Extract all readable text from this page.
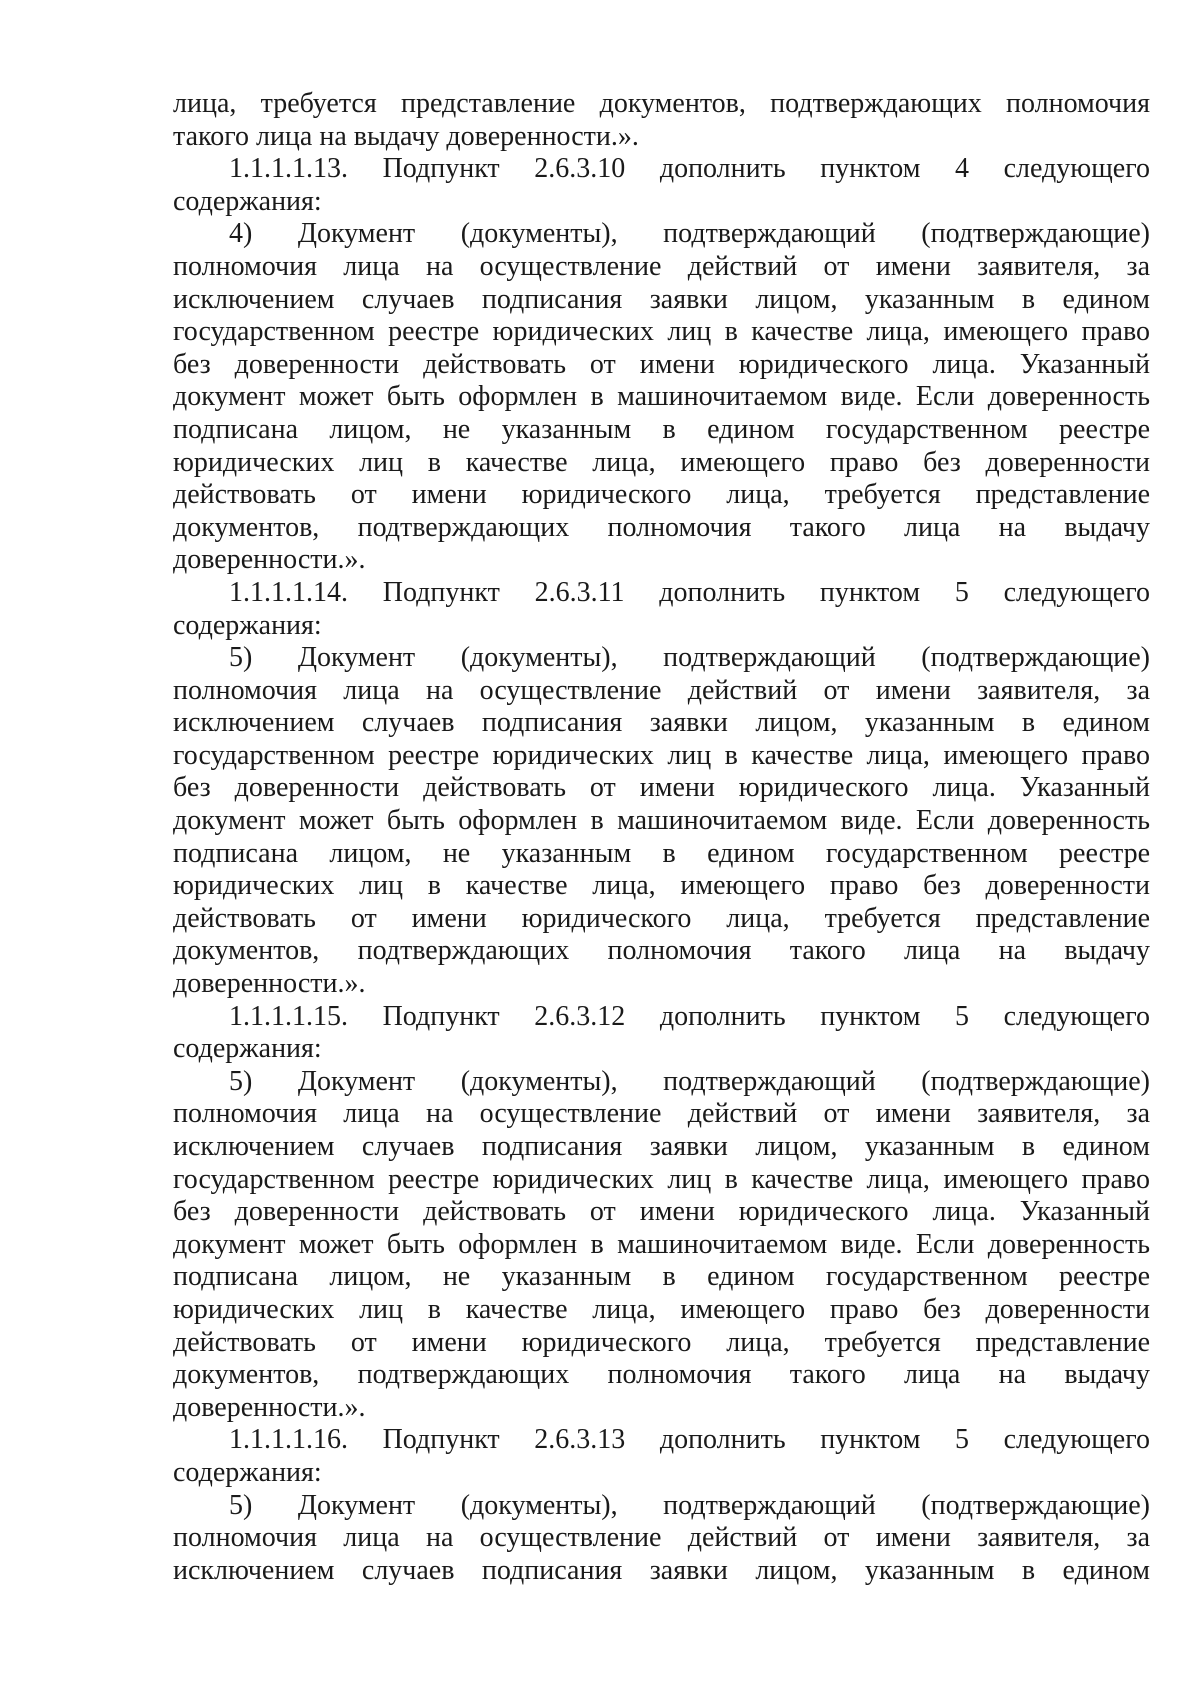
лица, требуется представление документов, подтверждающих полномочия
такого лица на выдачу доверенности.».
1.1.1.1.13. Подпункт 2.6.3.10 дополнить пунктом 4 следующего
содержания:
4) Документ (документы), подтверждающий (подтверждающие)
полномочия лица на осуществление действий от имени заявителя, за
исключением случаев подписания заявки лицом, указанным в едином
государственном реестре юридических лиц в качестве лица, имеющего право
без доверенности действовать от имени юридического лица. Указанный
документ может быть оформлен в машиночитаемом виде. Если доверенность
подписана лицом, не указанным в едином государственном реестре
юридических лиц в качестве лица, имеющего право без доверенности
действовать от имени юридического лица, требуется представление
документов, подтверждающих полномочия такого лица на выдачу
доверенности.».
1.1.1.1.14. Подпункт 2.6.3.11 дополнить пунктом 5 следующего
содержания:
5) Документ (документы), подтверждающий (подтверждающие)
полномочия лица на осуществление действий от имени заявителя, за
исключением случаев подписания заявки лицом, указанным в едином
государственном реестре юридических лиц в качестве лица, имеющего право
без доверенности действовать от имени юридического лица. Указанный
документ может быть оформлен в машиночитаемом виде. Если доверенность
подписана лицом, не указанным в едином государственном реестре
юридических лиц в качестве лица, имеющего право без доверенности
действовать от имени юридического лица, требуется представление
документов, подтверждающих полномочия такого лица на выдачу
доверенности.».
1.1.1.1.15. Подпункт 2.6.3.12 дополнить пунктом 5 следующего
содержания:
5) Документ (документы), подтверждающий (подтверждающие)
полномочия лица на осуществление действий от имени заявителя, за
исключением случаев подписания заявки лицом, указанным в едином
государственном реестре юридических лиц в качестве лица, имеющего право
без доверенности действовать от имени юридического лица. Указанный
документ может быть оформлен в машиночитаемом виде. Если доверенность
подписана лицом, не указанным в едином государственном реестре
юридических лиц в качестве лица, имеющего право без доверенности
действовать от имени юридического лица, требуется представление
документов, подтверждающих полномочия такого лица на выдачу
доверенности.».
1.1.1.1.16. Подпункт 2.6.3.13 дополнить пунктом 5 следующего
содержания:
5) Документ (документы), подтверждающий (подтверждающие)
полномочия лица на осуществление действий от имени заявителя, за
исключением случаев подписания заявки лицом, указанным в едином
